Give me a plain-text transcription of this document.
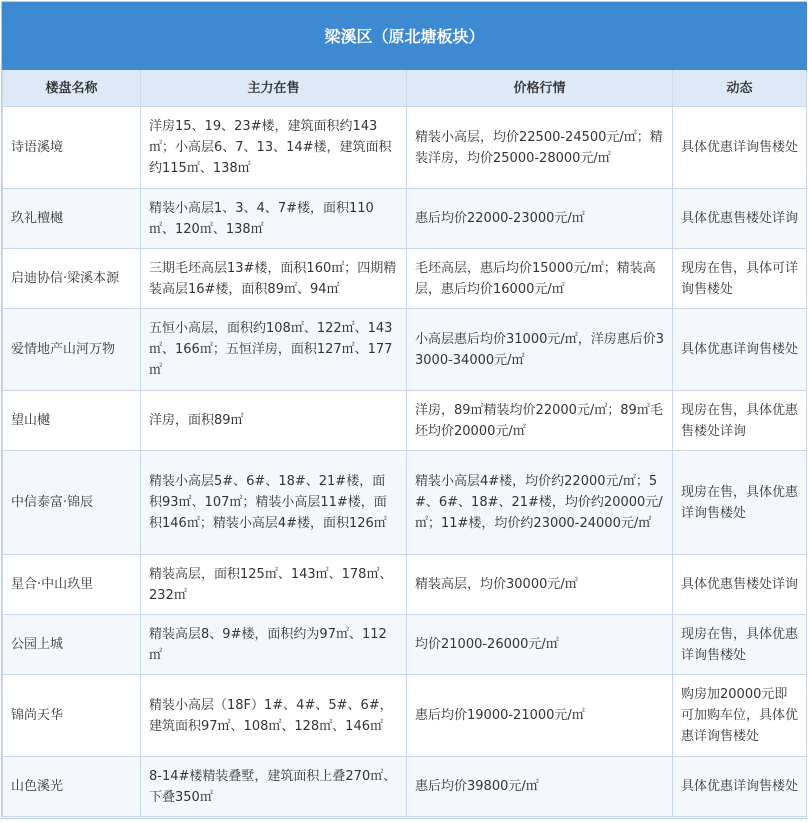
梁溪区（原北塘板块）			
楼盘名称	主力在售	价格行情	动态
诗语溪境	洋房15、19、23#楼，建筑面积约143㎡；小高层6、7、13、14#楼，建筑面积约115㎡、138㎡	精装小高层，均价22500-24500元/㎡；精装洋房，均价25000-28000元/㎡	具体优惠详询售楼处
玖礼檀樾	精装小高层1、3、4、7#楼，面积110㎡、120㎡、138㎡	惠后均价22000-23000元/㎡	具体优惠售楼处详询
启迪协信·梁溪本源	三期毛坯高层13#楼，面积160㎡；四期精装高层16#楼，面积89㎡、94㎡	毛坯高层，惠后均价15000元/㎡；精装高层，惠后均价16000元/㎡	现房在售，具体可详询售楼处
爱情地产山河万物	五恒小高层，面积约108㎡、122㎡、143㎡、166㎡；五恒洋房，面积127㎡、177㎡	小高层惠后均价31000元/㎡，洋房惠后价33000-34000元/㎡	具体优惠详询售楼处
望山樾	洋房，面积89㎡	洋房，89㎡精装均价22000元/㎡；89㎡毛坯均价20000元/㎡	现房在售，具体优惠售楼处详询
中信泰富·锦辰	精装小高层5#、6#、18#、21#楼，面积93㎡、107㎡；精装小高层11#楼，面积146㎡；精装小高层4#楼，面积126㎡	精装小高层4#楼，均价约22000元/㎡；5#、6#、18#、21#楼，均价约20000元/㎡；11#楼，均价约23000-24000元/㎡	现房在售，具体优惠详询售楼处
星合·中山玖里	精装高层，面积125㎡、143㎡、178㎡、232㎡	精装高层，均价30000元/㎡	具体优惠售楼处详询
公园上城	精装高层8、9#楼，面积约为97㎡、112㎡	均价21000-26000元/㎡	现房在售，具体优惠详询售楼处
锦尚天华	精装小高层（18F）1#、4#、5#、6#，建筑面积97㎡、108㎡、128㎡、146㎡	惠后均价19000-21000元/㎡	购房加20000元即可加购车位，具体优惠详询售楼处
山色溪光	8-14#楼精装叠墅，建筑面积上叠270㎡、下叠350㎡	惠后均价39800元/㎡	具体优惠详询售楼处
